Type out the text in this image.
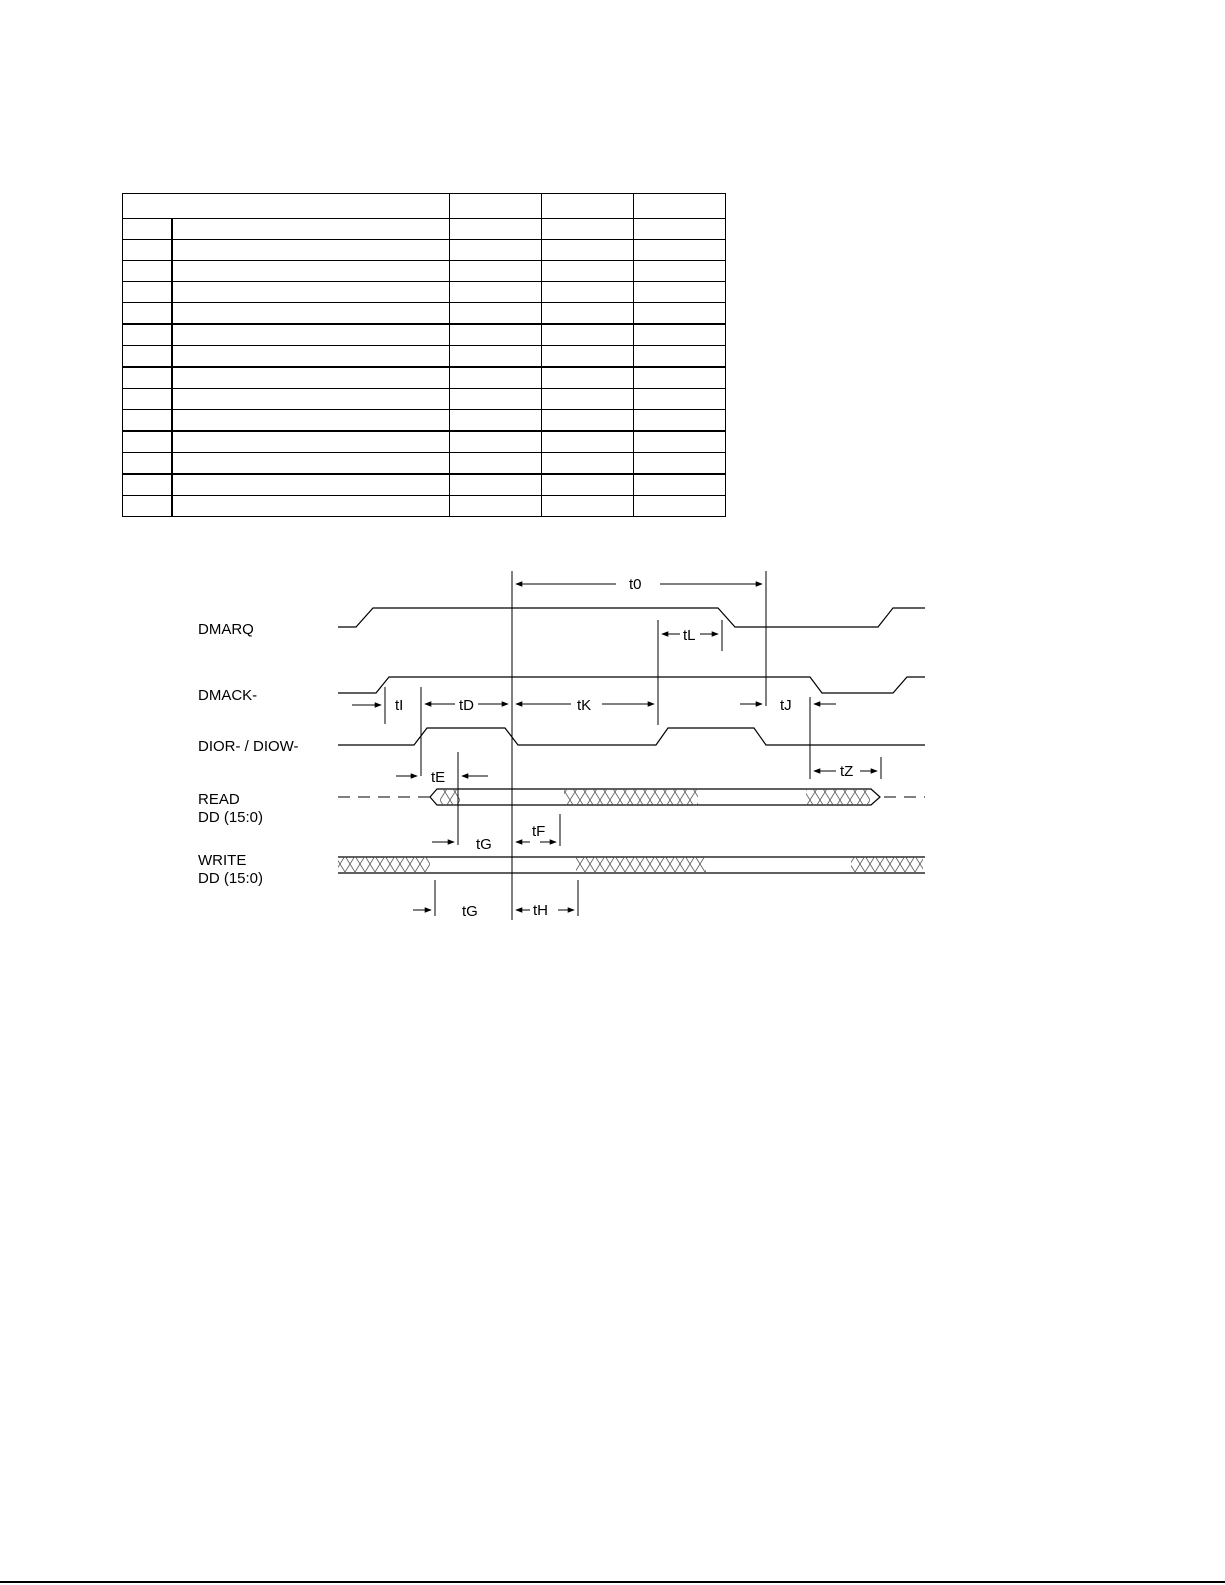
DMARQ
DMACK-
DIOR- / DIOW-
READ
DD (15:0)
WRITE
DD (15:0)
t0
tL
tI	tD	tK	tJ
tE	tZ
tF
tG
tG	tH
